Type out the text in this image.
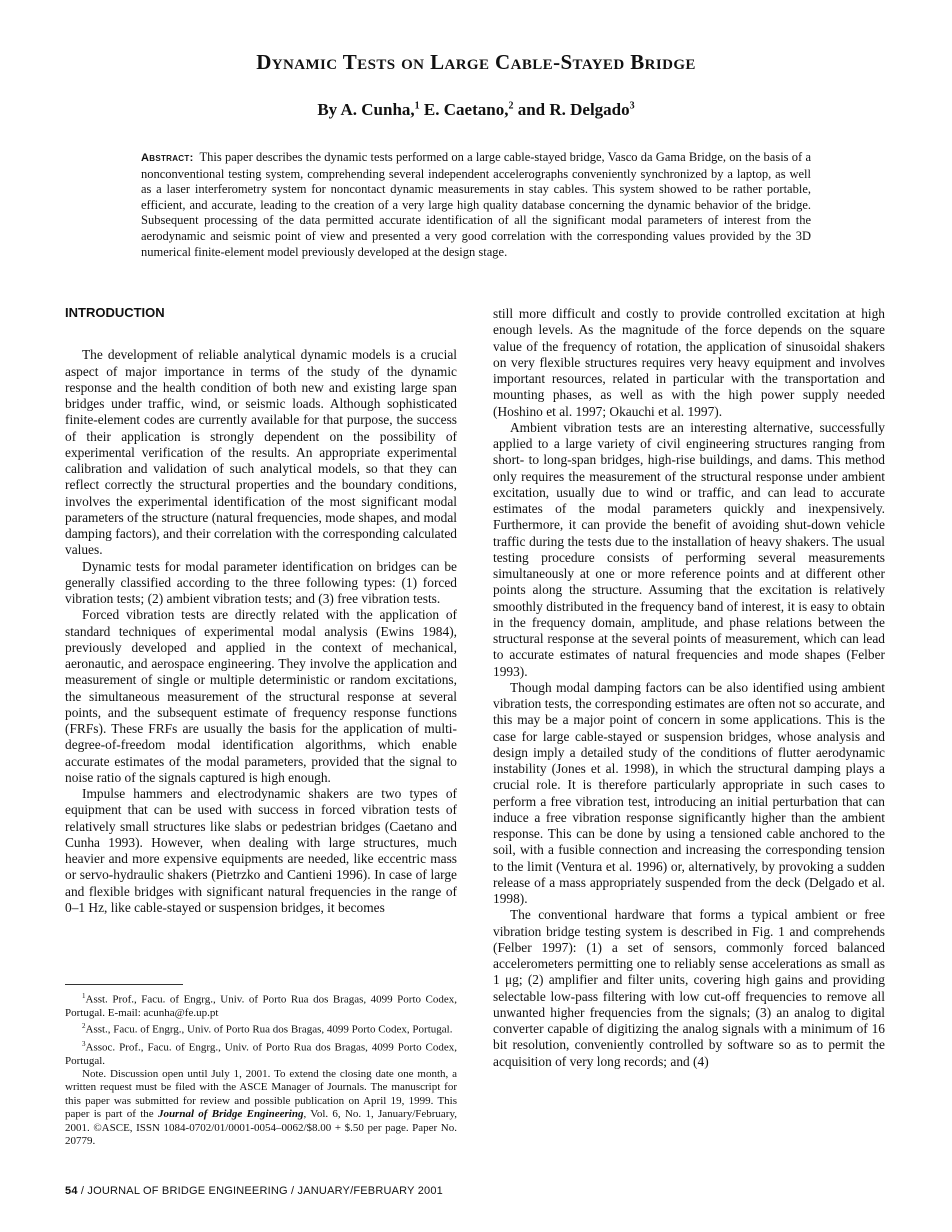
Dynamic Tests on Large Cable-Stayed Bridge
By A. Cunha,$^1$ E. Caetano,$^2$ and R. Delgado$^3$
Abstract: This paper describes the dynamic tests performed on a large cable-stayed bridge, Vasco da Gama Bridge, on the basis of a nonconventional testing system, comprehending several independent accelerographs conveniently synchronized by a laptop, as well as a laser interferometry system for noncontact dynamic measurements in stay cables. This system showed to be rather portable, efficient, and accurate, leading to the creation of a very large high quality database concerning the dynamic behavior of the bridge. Subsequent processing of the data permitted accurate identification of all the significant modal parameters of interest from the aerodynamic and seismic point of view and presented a very good correlation with the corresponding values provided by the 3D numerical finite-element model previously developed at the design stage.

INTRODUCTION

The development of reliable analytical dynamic models is a crucial aspect of major importance in terms of the study of the dynamic response and the health condition of both new and existing large span bridges under traffic, wind, or seismic loads. Although sophisticated finite-element codes are currently available for that purpose, the success of their application is strongly dependent on the possibility of experimental verification of the results. An appropriate experimental calibration and validation of such analytical models, so that they can reflect correctly the structural properties and the boundary conditions, involves the experimental identification of the most significant modal parameters of the structure (natural frequencies, mode shapes, and modal damping factors), and their correlation with the corresponding calculated values.

Dynamic tests for modal parameter identification on bridges can be generally classified according to the three following types: (1) forced vibration tests; (2) ambient vibration tests; and (3) free vibration tests.

Forced vibration tests are directly related with the application of standard techniques of experimental modal analysis (Ewins 1984), previously developed and applied in the context of mechanical, aeronautic, and aerospace engineering. They involve the application and measurement of single or multiple deterministic or random excitations, the simultaneous measurement of the structural response at several points, and the subsequent estimate of frequency response functions (FRFs). These FRFs are usually the basis for the application of multi-degree-of-freedom modal identification algorithms, which enable accurate estimates of the modal parameters, provided that the signal to noise ratio of the signals captured is high enough.

Impulse hammers and electrodynamic shakers are two types of equipment that can be used with success in forced vibration tests of relatively small structures like slabs or pedestrian bridges (Caetano and Cunha 1993). However, when dealing with large structures, much heavier and more expensive equipments are needed, like eccentric mass or servo-hydraulic shakers (Pietrzko and Cantieni 1996). In case of large and flexible bridges with significant natural frequencies in the range of 0–1 Hz, like cable-stayed or suspension bridges, it becomes

$^1$Asst. Prof., Facu. of Engrg., Univ. of Porto Rua dos Bragas, 4099 Porto Codex, Portugal. E-mail: acunha@fe.up.pt

$^2$Asst., Facu. of Engrg., Univ. of Porto Rua dos Bragas, 4099 Porto Codex, Portugal.

$^3$Assoc. Prof., Facu. of Engrg., Univ. of Porto Rua dos Bragas, 4099 Porto Codex, Portugal.

Note. Discussion open until July 1, 2001. To extend the closing date one month, a written request must be filed with the ASCE Manager of Journals. The manuscript for this paper was submitted for review and possible publication on April 19, 1999. This paper is part of the Journal of Bridge Engineering, Vol. 6, No. 1, January/February, 2001. ©ASCE, ISSN 1084-0702/01/0001-0054–0062/$8.00 + $.50 per page. Paper No. 20779.

still more difficult and costly to provide controlled excitation at high enough levels. As the magnitude of the force depends on the square value of the frequency of rotation, the application of sinusoidal shakers on very flexible structures requires very heavy equipment and involves important resources, related in particular with the transportation and mounting phases, as well as with the high power supply needed (Hoshino et al. 1997; Okauchi et al. 1997).

Ambient vibration tests are an interesting alternative, successfully applied to a large variety of civil engineering structures ranging from short- to long-span bridges, high-rise buildings, and dams. This method only requires the measurement of the structural response under ambient excitation, usually due to wind or traffic, and can lead to accurate estimates of the modal parameters quickly and inexpensively. Furthermore, it can provide the benefit of avoiding shut-down vehicle traffic during the tests due to the installation of heavy shakers. The usual testing procedure consists of performing several measurements simultaneously at one or more reference points and at different other points along the structure. Assuming that the excitation is relatively smoothly distributed in the frequency band of interest, it is easy to obtain in the frequency domain, amplitude, and phase relations between the structural response at the several points of measurement, which can lead to accurate estimates of natural frequencies and mode shapes (Felber 1993).

Though modal damping factors can be also identified using ambient vibration tests, the corresponding estimates are often not so accurate, and this may be a major point of concern in some applications. This is the case for large cable-stayed or suspension bridges, whose analysis and design imply a detailed study of the conditions of flutter aerodynamic instability (Jones et al. 1998), in which the structural damping plays a crucial role. It is therefore particularly appropriate in such cases to perform a free vibration test, introducing an initial perturbation that can induce a free vibration response significantly higher than the ambient response. This can be done by using a tensioned cable anchored to the soil, with a fusible connection and increasing the corresponding tension to the limit (Ventura et al. 1996) or, alternatively, by provoking a sudden release of a mass appropriately suspended from the deck (Delgado et al. 1998).

The conventional hardware that forms a typical ambient or free vibration bridge testing system is described in Fig. 1 and comprehends (Felber 1997): (1) a set of sensors, commonly forced balanced accelerometers permitting one to reliably sense accelerations as small as 1 μg; (2) amplifier and filter units, covering high gains and providing selectable low-pass filtering with low cut-off frequencies to remove all unwanted higher frequencies from the signals; (3) an analog to digital converter capable of digitizing the analog signals with a minimum of 16 bit resolution, conveniently controlled by software so as to permit the acquisition of very long records; and (4)

54 / JOURNAL OF BRIDGE ENGINEERING / JANUARY/FEBRUARY 2001
